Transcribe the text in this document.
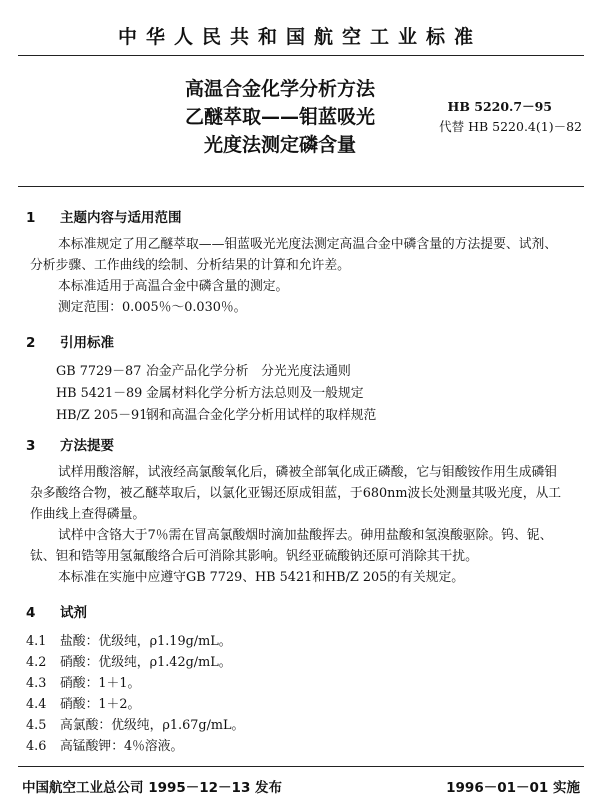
中华人民共和国航空工业标准
高温合金化学分析方法
乙醚萃取——钼蓝吸光
光度法测定磷含量
HB 5220.7－95
代替 HB 5220.4(1)－82
1 主题内容与适用范围
本标准规定了用乙醚萃取——钼蓝吸光光度法测定高温合金中磷含量的方法提要、试剂、
分析步骤、工作曲线的绘制、分析结果的计算和允许差。
本标准适用于高温合金中磷含量的测定。
测定范围：0.005％～0.030％。
2 引用标准
GB 7729－87 冶金产品化学分析　分光光度法通则
HB 5421－89 金属材料化学分析方法总则及一般规定
HB/Z 205－91钢和高温合金化学分析用试样的取样规范
3 方法提要
试样用酸溶解，试液经高氯酸氧化后，磷被全部氧化成正磷酸，它与钼酸铵作用生成磷钼
杂多酸络合物，被乙醚萃取后，以氯化亚锡还原成钼蓝，于680nm波长处测量其吸光度，从工
作曲线上查得磷量。
试样中含铬大于7％需在冒高氯酸烟时滴加盐酸挥去。砷用盐酸和氢溴酸驱除。钨、铌、
钛、钽和锆等用氢氟酸络合后可消除其影响。钒经亚硫酸钠还原可消除其干扰。
本标准在实施中应遵守GB 7729、HB 5421和HB/Z 205的有关规定。
4 试剂
4.1 盐酸：优级纯，ρ1.19g/mL。
4.2 硝酸：优级纯，ρ1.42g/mL。
4.3 硝酸：1＋1。
4.4 硝酸：1＋2。
4.5 高氯酸：优级纯，ρ1.67g/mL。
4.6 高锰酸钾：4％溶液。
中国航空工业总公司 1995－12－13 发布	1996－01－01 实施
